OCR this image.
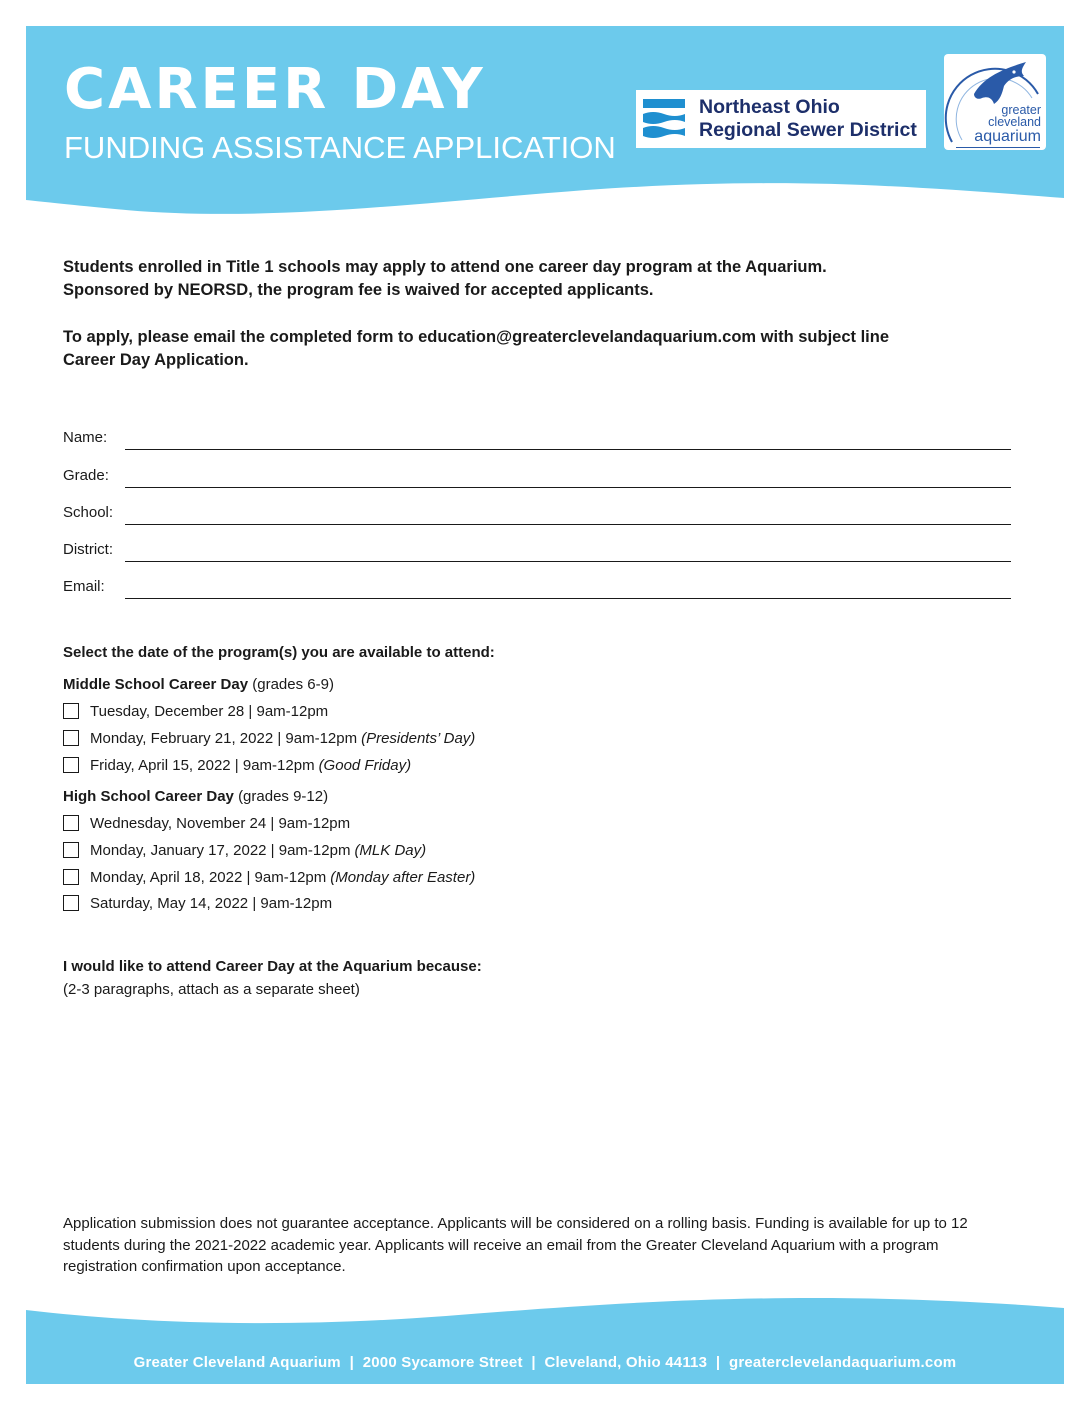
CAREER DAY
FUNDING ASSISTANCE APPLICATION
Northeast Ohio
Regional Sewer District
greater
cleveland
aquarium

Students enrolled in Title 1 schools may apply to attend one career day program at the Aquarium.
Sponsored by NEORSD, the program fee is waived for accepted applicants.

To apply, please email the completed form to education@greaterclevelandaquarium.com with subject line
Career Day Application.

Name:
Grade:
School:
District:
Email:

Select the date of the program(s) you are available to attend:

Middle School Career Day (grades 6-9)
Tuesday, December 28 | 9am-12pm
Monday, February 21, 2022 | 9am-12pm (Presidents’ Day)
Friday, April 15, 2022 | 9am-12pm (Good Friday)
High School Career Day (grades 9-12)
Wednesday, November 24 | 9am-12pm
Monday, January 17, 2022 | 9am-12pm (MLK Day)
Monday, April 18, 2022 | 9am-12pm (Monday after Easter)
Saturday, May 14, 2022 | 9am-12pm
I would like to attend Career Day at the Aquarium because:
(2-3 paragraphs, attach as a separate sheet)

Application submission does not guarantee acceptance. Applicants will be considered on a rolling basis. Funding is available for up to 12 students during the 2021-2022 academic year. Applicants will receive an email from the Greater Cleveland Aquarium with a program registration confirmation upon acceptance.

Greater Cleveland Aquarium  |  2000 Sycamore Street  |  Cleveland, Ohio 44113  |  greaterclevelandaquarium.com
